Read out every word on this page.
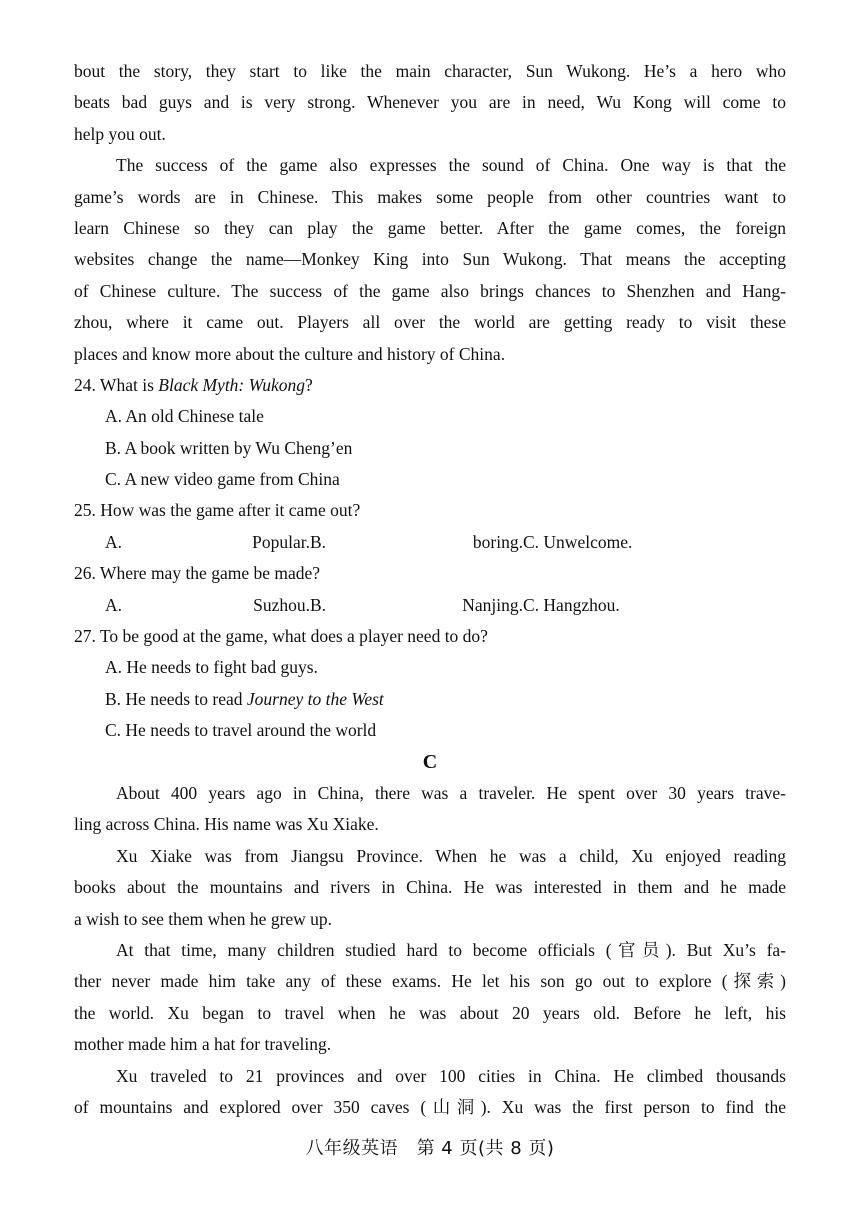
bout the story, they start to like the main character, Sun Wukong. He’s a hero who
beats bad guys and is very strong. Whenever you are in need, Wu Kong will come to
help you out.
The success of the game also expresses the sound of China. One way is that the
game’s words are in Chinese. This makes some people from other countries want to
learn Chinese so they can play the game better. After the game comes, the foreign
websites change the name—Monkey King into Sun Wukong. That means the accepting
of Chinese culture. The success of the game also brings chances to Shenzhen and Hang-
zhou, where it came out. Players all over the world are getting ready to visit these
places and know more about the culture and history of China.
24. What is Black Myth: Wukong?
A. An old Chinese tale
B. A book written by Wu Cheng’en
C. A new video game from China
25. How was the game after it came out?
A. Popular. B. boring. C. Unwelcome.
26. Where may the game be made?
A. Suzhou. B. Nanjing. C. Hangzhou.
27. To be good at the game, what does a player need to do?
A. He needs to fight bad guys.
B. He needs to read Journey to the West
C. He needs to travel around the world
C
About 400 years ago in China, there was a traveler. He spent over 30 years trave-
ling across China. His name was Xu Xiake.
Xu Xiake was from Jiangsu Province. When he was a child, Xu enjoyed reading
books about the mountains and rivers in China. He was interested in them and he made
a wish to see them when he grew up.
At that time, many children studied hard to become officials (官员). But Xu’s fa-
ther never made him take any of these exams. He let his son go out to explore (探索)
the world. Xu began to travel when he was about 20 years old. Before he left, his
mother made him a hat for traveling.
Xu traveled to 21 provinces and over 100 cities in China. He climbed thousands
of mountains and explored over 350 caves (山洞). Xu was the first person to find the
八年级英语　第 4 页(共 8 页)
